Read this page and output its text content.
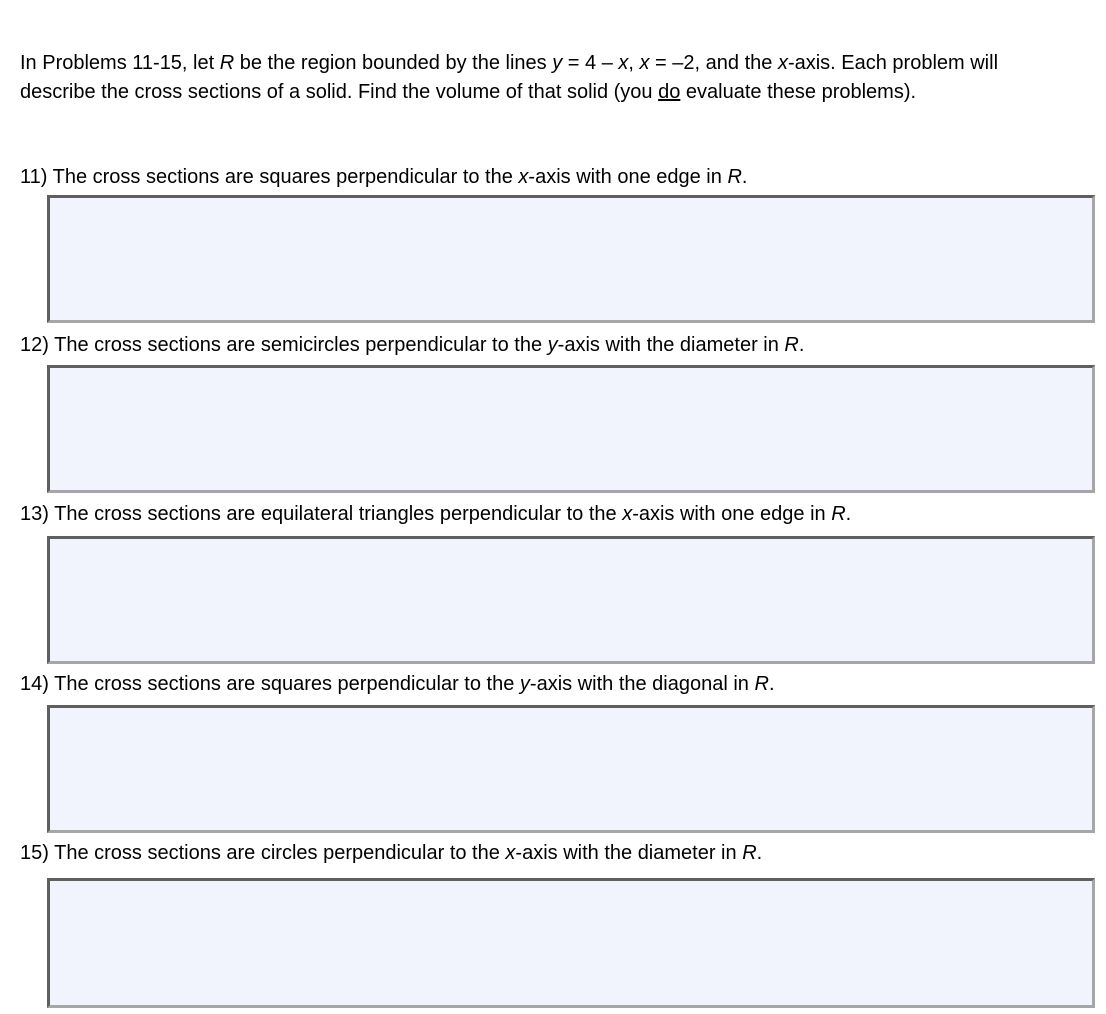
In Problems 11-15, let R be the region bounded by the lines y = 4 – x, x = –2, and the x-axis. Each problem will describe the cross sections of a solid. Find the volume of that solid (you do evaluate these problems).
11) The cross sections are squares perpendicular to the x-axis with one edge in R.
12) The cross sections are semicircles perpendicular to the y-axis with the diameter in R.
13) The cross sections are equilateral triangles perpendicular to the x-axis with one edge in R.
14) The cross sections are squares perpendicular to the y-axis with the diagonal in R.
15) The cross sections are circles perpendicular to the x-axis with the diameter in R.
